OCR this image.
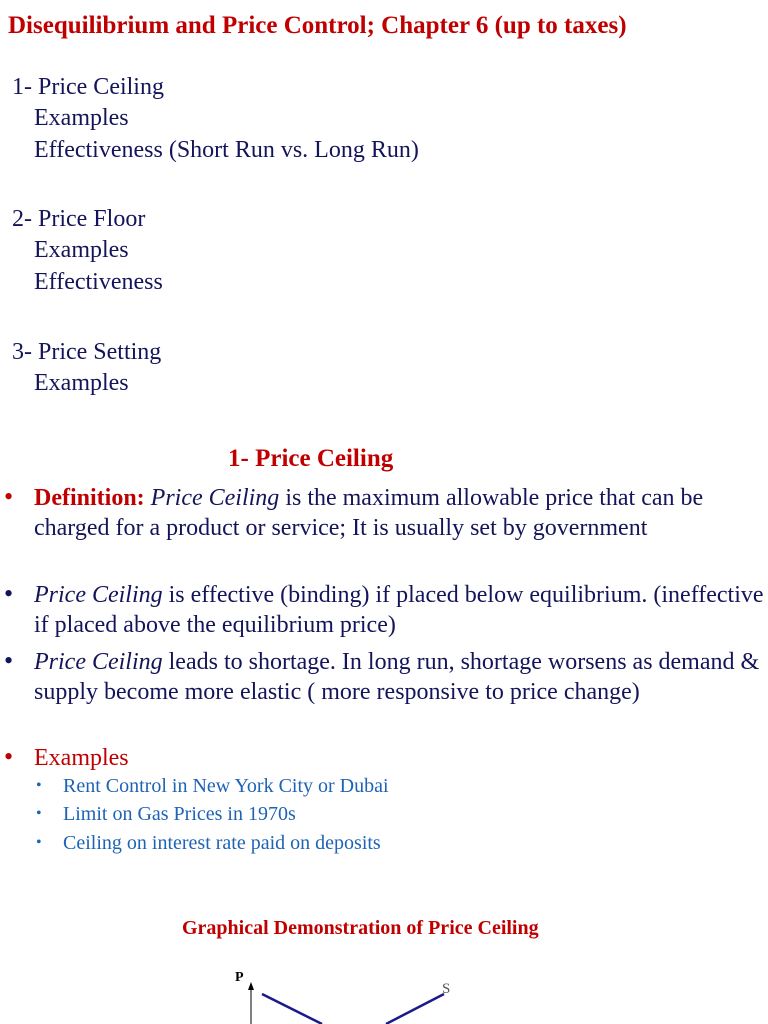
Disequilibrium and Price Control; Chapter 6 (up to taxes)
1- Price Ceiling
Examples
Effectiveness (Short Run vs. Long Run)
2- Price Floor
Examples
Effectiveness
3- Price Setting
Examples
1- Price Ceiling
• Definition: Price Ceiling is the maximum allowable price that can be charged for a product or service; It is usually set by government
• Price Ceiling is effective (binding) if placed below equilibrium. (ineffective if placed above the equilibrium price)
• Price Ceiling leads to shortage. In long run, shortage worsens as demand & supply become more elastic ( more responsive to price change)
• Examples
• Rent Control in New York City or Dubai
• Limit on Gas Prices in 1970s
• Ceiling on interest rate paid on deposits
Graphical Demonstration of Price Ceiling
P
S
